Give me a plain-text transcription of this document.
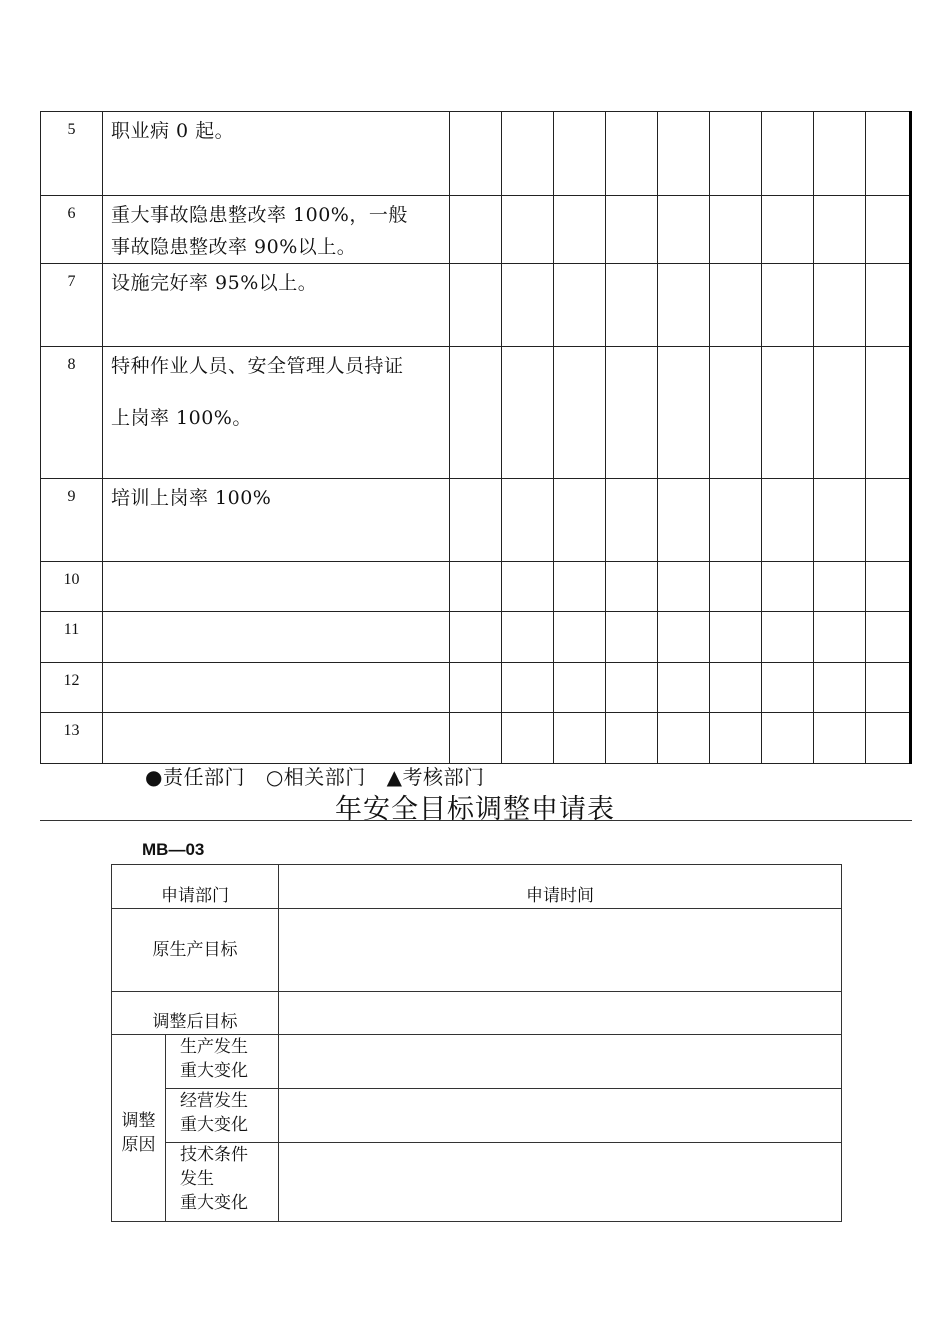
5	职业病 0 起。									

6	重大事故隐患整改率 100%，一般
事故隐患整改率 90%以上。									

7	设施完好率 95%以上。									

8	特种作业人员、安全管理人员持证
上岗率 100%。									

9	培训上岗率 100%									

10										
11										
12										
13										
●责任部门 ○相关部门 ▲考核部门
年安全目标调整申请表
MB—03
申请部门		申请时间
原生产目标		
调整后目标		

调整
原因	生产发生
重大变化	

	经营发生
重大变化	

	技术条件
发生
重大变化	
